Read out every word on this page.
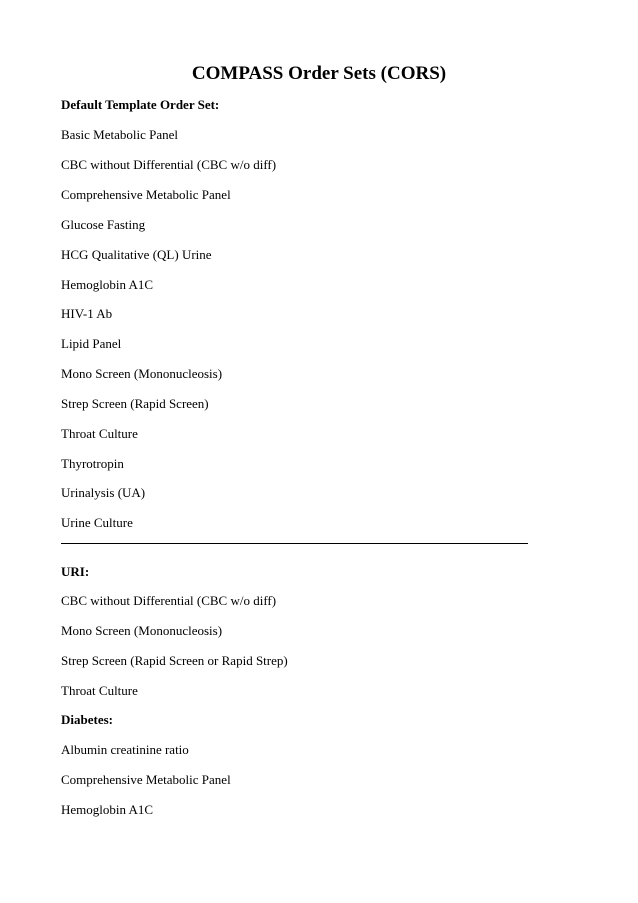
COMPASS Order Sets (CORS)
Default Template Order Set:
Basic Metabolic Panel
CBC without Differential (CBC w/o diff)
Comprehensive Metabolic Panel
Glucose Fasting
HCG Qualitative (QL) Urine
Hemoglobin A1C
HIV-1 Ab
Lipid Panel
Mono Screen (Mononucleosis)
Strep Screen (Rapid Screen)
Throat Culture
Thyrotropin
Urinalysis (UA)
Urine Culture
URI:
CBC without Differential (CBC w/o diff)
Mono Screen (Mononucleosis)
Strep Screen (Rapid Screen or Rapid Strep)
Throat Culture
Diabetes:
Albumin creatinine ratio
Comprehensive Metabolic Panel
Hemoglobin A1C
